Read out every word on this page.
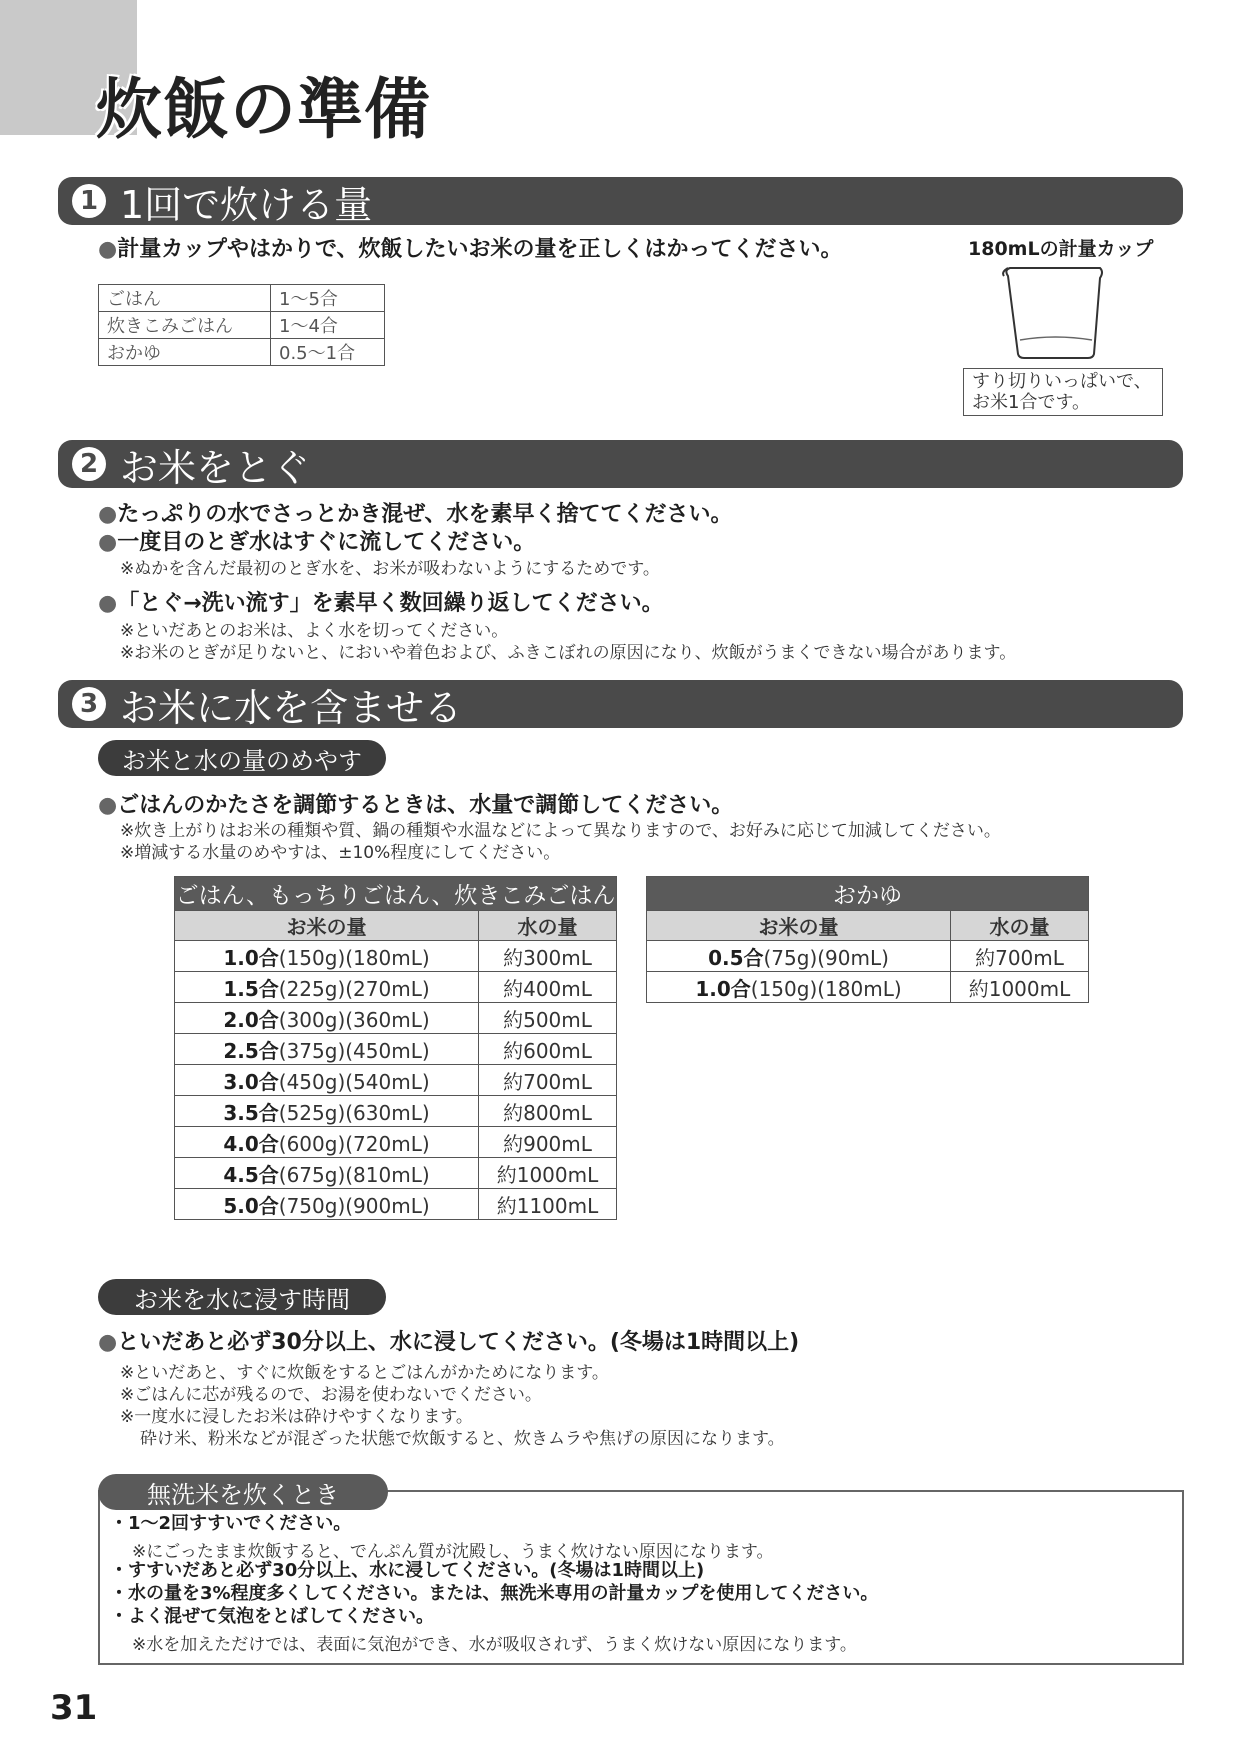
炊飯の準備
1 1回で炊ける量
●計量カップやはかりで、炊飯したいお米の量を正しくはかってください。
ごはん	1〜5合
炊きこみごはん	1〜4合
おかゆ	0.5〜1合
180mLの計量カップ
すり切りいっぱいで、
お米1合です。
2 お米をとぐ
●たっぷりの水でさっとかき混ぜ、水を素早く捨ててください。
●一度目のとぎ水はすぐに流してください。
※ぬかを含んだ最初のとぎ水を、お米が吸わないようにするためです。
●「とぐ→洗い流す」を素早く数回繰り返してください。
※といだあとのお米は、よく水を切ってください。
※お米のとぎが足りないと、においや着色および、ふきこぼれの原因になり、炊飯がうまくできない場合があります。
3 お米に水を含ませる
お米と水の量のめやす
●ごはんのかたさを調節するときは、水量で調節してください。
※炊き上がりはお米の種類や質、鍋の種類や水温などによって異なりますので、お好みに応じて加減してください。
※増減する水量のめやすは、±10%程度にしてください。
ごはん、もっちりごはん、炊きこみごはん	
お米の量	水の量
1.0合(150g)(180mL)	約300mL
1.5合(225g)(270mL)	約400mL
2.0合(300g)(360mL)	約500mL
2.5合(375g)(450mL)	約600mL
3.0合(450g)(540mL)	約700mL
3.5合(525g)(630mL)	約800mL
4.0合(600g)(720mL)	約900mL
4.5合(675g)(810mL)	約1000mL
5.0合(750g)(900mL)	約1100mL
おかゆ	
お米の量	水の量
0.5合(75g)(90mL)	約700mL
1.0合(150g)(180mL)	約1000mL
お米を水に浸す時間
●といだあと必ず30分以上、水に浸してください。(冬場は1時間以上)
※といだあと、すぐに炊飯をするとごはんがかためになります。
※ごはんに芯が残るので、お湯を使わないでください。
※一度水に浸したお米は砕けやすくなります。
砕け米、粉米などが混ざった状態で炊飯すると、炊きムラや焦げの原因になります。
無洗米を炊くとき
・1〜2回すすいでください。
※にごったまま炊飯すると、でんぷん質が沈殿し、うまく炊けない原因になります。
・すすいだあと必ず30分以上、水に浸してください。(冬場は1時間以上)
・水の量を3%程度多くしてください。または、無洗米専用の計量カップを使用してください。
・よく混ぜて気泡をとばしてください。
※水を加えただけでは、表面に気泡ができ、水が吸収されず、うまく炊けない原因になります。
31
